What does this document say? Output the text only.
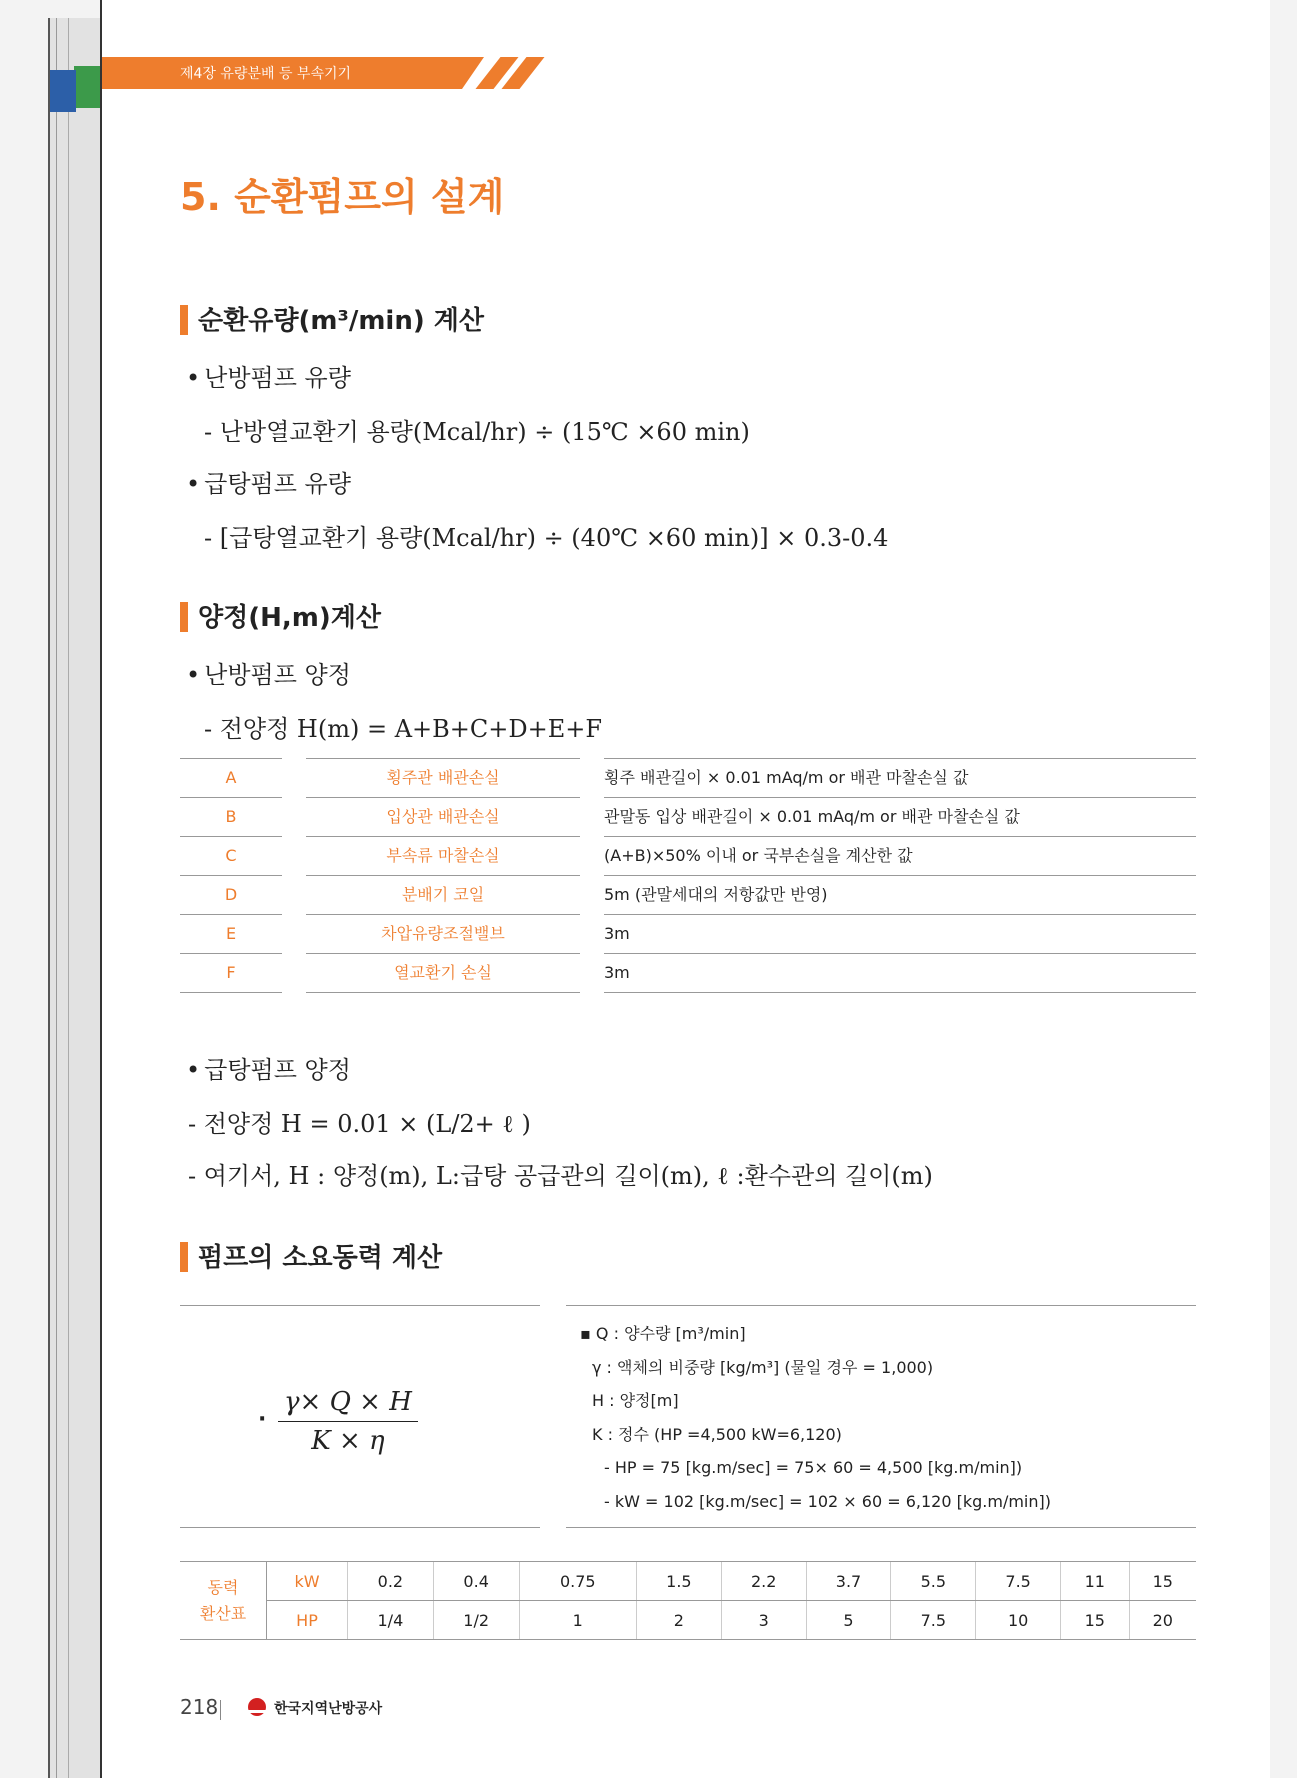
제4장 유량분배 등 부속기기
5. 순환펌프의 설계
순환유량(m³/min) 계산
• 난방펌프 유량
- 난방열교환기 용량(Mcal/hr) ÷ (15℃ ×60 min)
• 급탕펌프 유량
- [급탕열교환기 용량(Mcal/hr) ÷ (40℃ ×60 min)] × 0.3-0.4
양정(H,m)계산
• 난방펌프 양정
- 전양정 H(m) = A+B+C+D+E+F
A	횡주관 배관손실	횡주 배관길이 × 0.01 mAq/m or 배관 마찰손실 값
B	입상관 배관손실	관말동 입상 배관길이 × 0.01 mAq/m or 배관 마찰손실 값
C	부속류 마찰손실	(A+B)×50% 이내 or 국부손실을 계산한 값
D	분배기 코일	5m (관말세대의 저항값만 반영)
E	차압유량조절밸브	3m
F	열교환기 손실	3m
• 급탕펌프 양정
- 전양정 H = 0.01 × (L/2+ ℓ )
- 여기서, H : 양정(m), L:급탕 공급관의 길이(m), ℓ :환수관의 길이(m)
펌프의 소요동력 계산
· $\frac{\gamma\times Q \times H}{K \times \eta}$
▪ Q : 양수량 [m³/min]
γ : 액체의 비중량 [kg/m³] (물일 경우 = 1,000)
H : 양정[m]
K : 정수 (HP =4,500 kW=6,120)
- HP = 75 [kg.m/sec] = 75× 60 = 4,500 [kg.m/min])
- kW = 102 [kg.m/sec] = 102 × 60 = 6,120 [kg.m/min])
동력
환산표	kW	0.2	0.4	0.75	1.5	2.2	3.7	5.5	7.5	11	15
	HP	1/4	1/2	1	2	3	5	7.5	10	15	20
218	한국지역난방공사
